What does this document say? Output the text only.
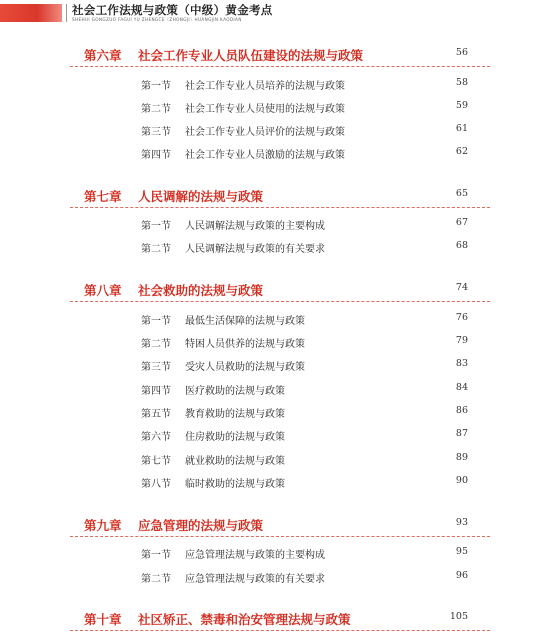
社会工作法规与政策（中级）黄金考点
SHEHUI GONGZUO FAGUI YU ZHENGCE（ZHONGJI）HUANGJIN KAODIAN
第六章 社会工作专业人员队伍建设的法规与政策	56
第一节 社会工作专业人员培养的法规与政策	58
第二节 社会工作专业人员使用的法规与政策	59
第三节 社会工作专业人员评价的法规与政策	61
第四节 社会工作专业人员激励的法规与政策	62
第七章 人民调解的法规与政策	65
第一节 人民调解法规与政策的主要构成	67
第二节 人民调解法规与政策的有关要求	68
第八章 社会救助的法规与政策	74
第一节 最低生活保障的法规与政策	76
第二节 特困人员供养的法规与政策	79
第三节 受灾人员救助的法规与政策	83
第四节 医疗救助的法规与政策	84
第五节 教育救助的法规与政策	86
第六节 住房救助的法规与政策	87
第七节 就业救助的法规与政策	89
第八节 临时救助的法规与政策	90
第九章 应急管理的法规与政策	93
第一节 应急管理法规与政策的主要构成	95
第二节 应急管理法规与政策的有关要求	96
第十章 社区矫正、禁毒和治安管理法规与政策	105
